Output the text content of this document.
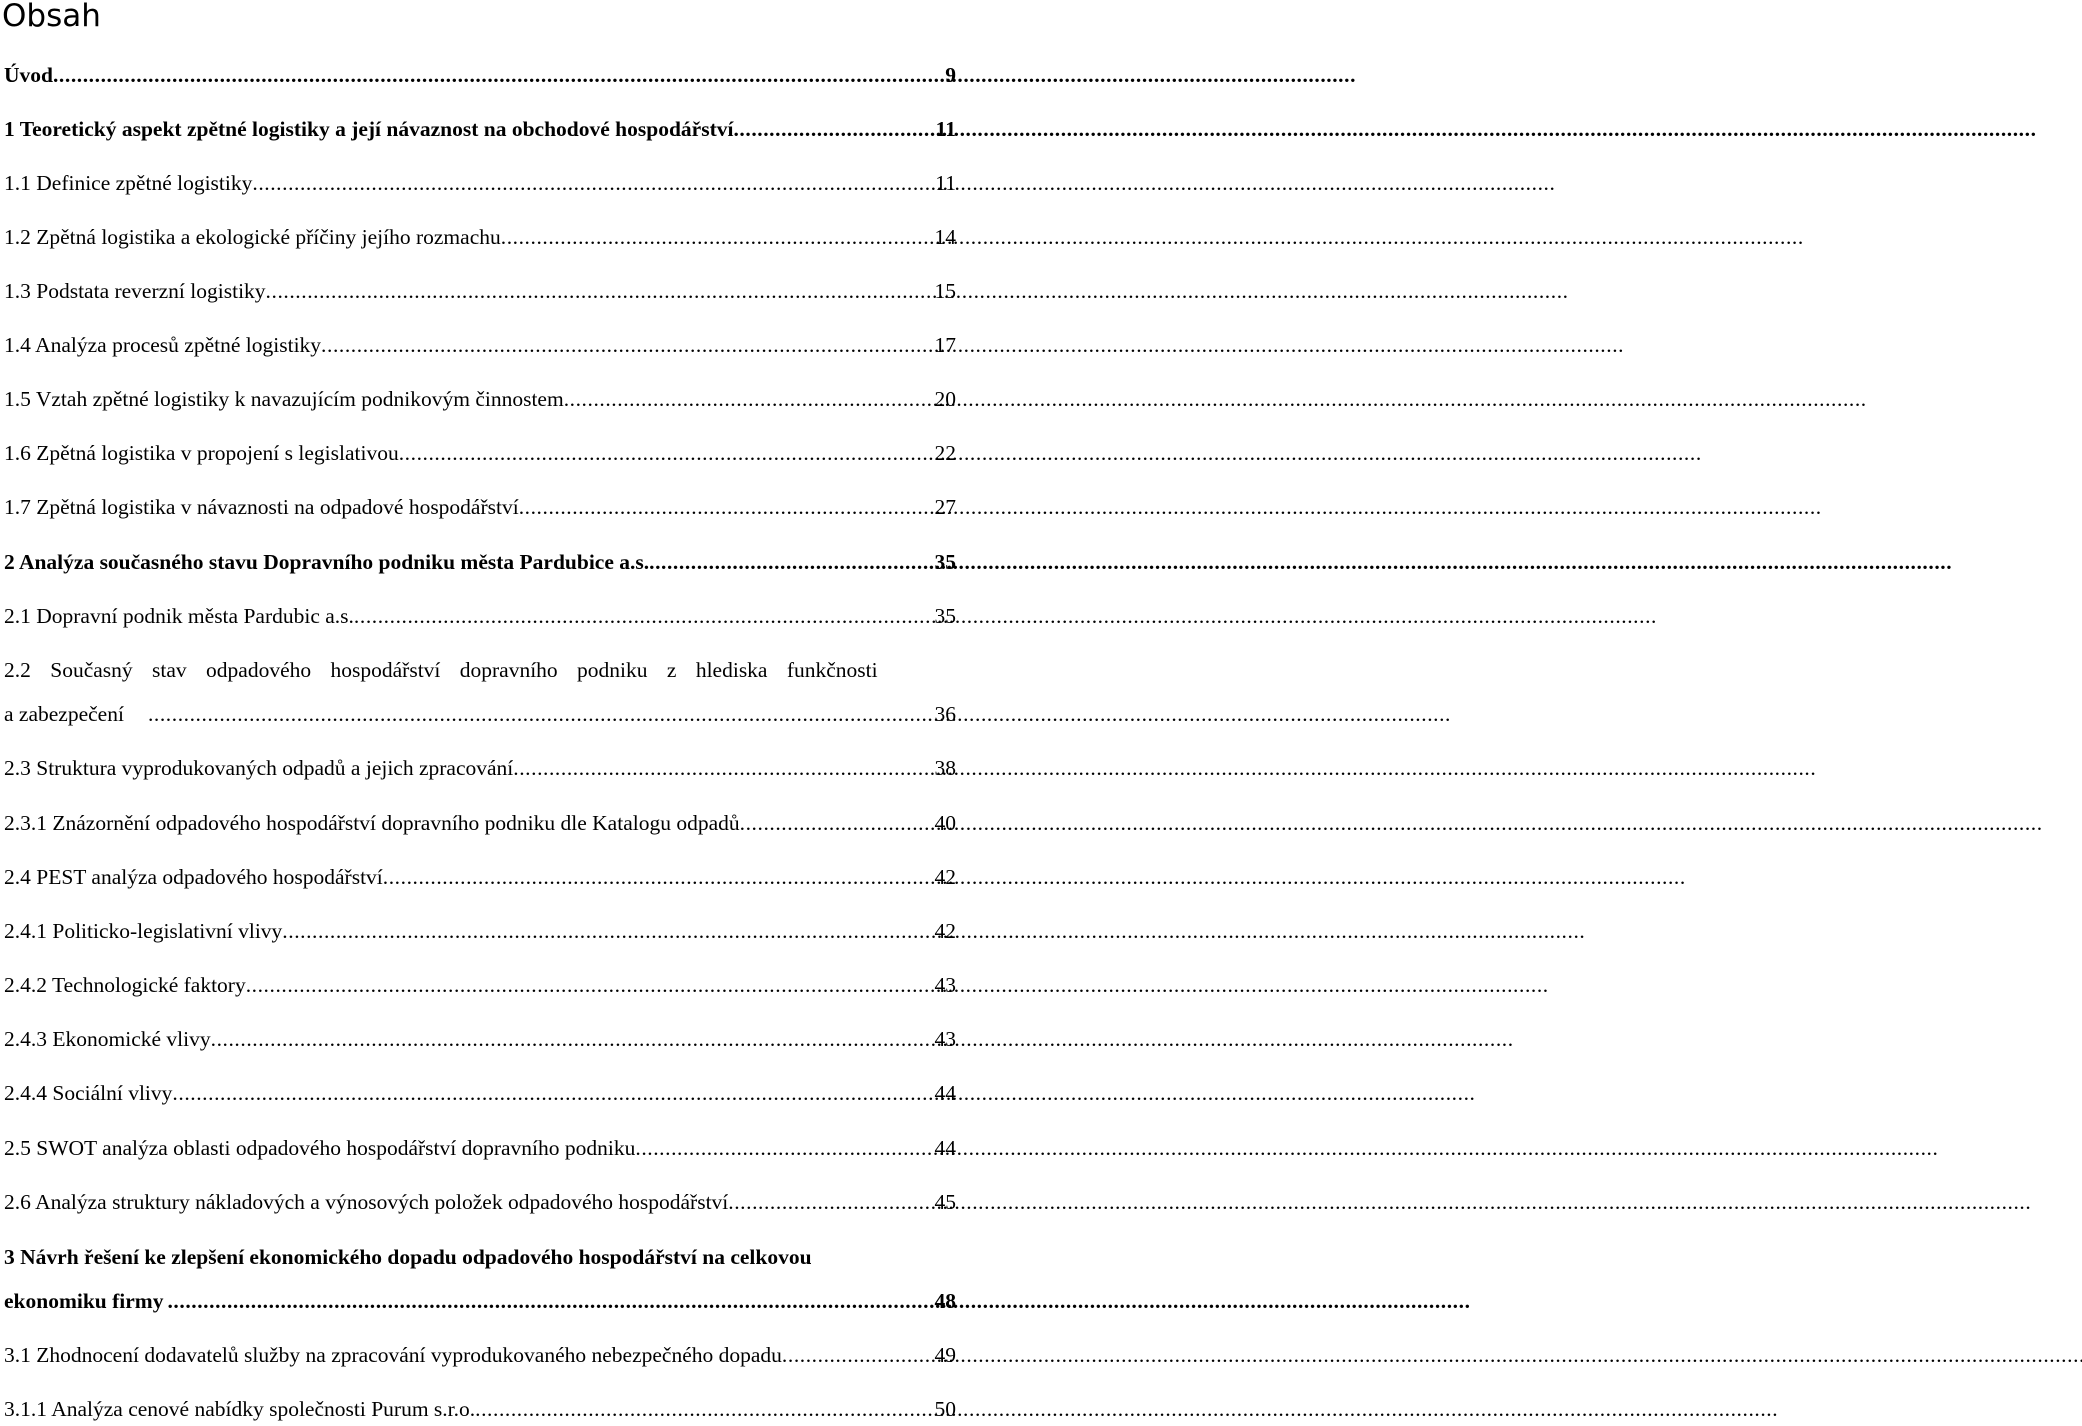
Obsah
Úvod . . .	9
1 Teoretický aspekt zpětné logistiky a její návaznost na obchodové hospodářství . . .	11
1.1 Definice zpětné logistiky . . .	11
1.2 Zpětná logistika a ekologické příčiny jejího rozmachu . . .	14
1.3 Podstata reverzní logistiky . . .	15
1.4 Analýza procesů zpětné logistiky . . .	17
1.5 Vztah zpětné logistiky k navazujícím podnikovým činnostem . . .	20
1.6 Zpětná logistika v propojení s legislativou . . .	22
1.7 Zpětná logistika v návaznosti na odpadové hospodářství . . .	27
2 Analýza současného stavu Dopravního podniku města Pardubice a.s. . . .	35
2.1 Dopravní podnik města Pardubic a.s. . . .	35
2.2 Současný stav odpadového hospodářství dopravního podniku z hlediska funkčnosti
a zabezpečení . . .	36
2.3 Struktura vyprodukovaných odpadů a jejich zpracování . . .	38
2.3.1 Znázornění odpadového hospodářství dopravního podniku dle Katalogu odpadů . . .	40
2.4 PEST analýza odpadového hospodářství . . .	42
2.4.1 Politicko-legislativní vlivy . . .	42
2.4.2 Technologické faktory . . .	43
2.4.3 Ekonomické vlivy . . .	43
2.4.4 Sociální vlivy . . .	44
2.5 SWOT analýza oblasti odpadového hospodářství dopravního podniku . . .	44
2.6 Analýza struktury nákladových a výnosových položek odpadového hospodářství . . .	45
3 Návrh řešení ke zlepšení ekonomického dopadu odpadového hospodářství na celkovou
ekonomiku firmy . . .	48
3.1 Zhodnocení dodavatelů služby na zpracování vyprodukovaného nebezpečného dopadu . . .	49
3.1.1 Analýza cenové nabídky společnosti Purum s.r.o. . . .	50
